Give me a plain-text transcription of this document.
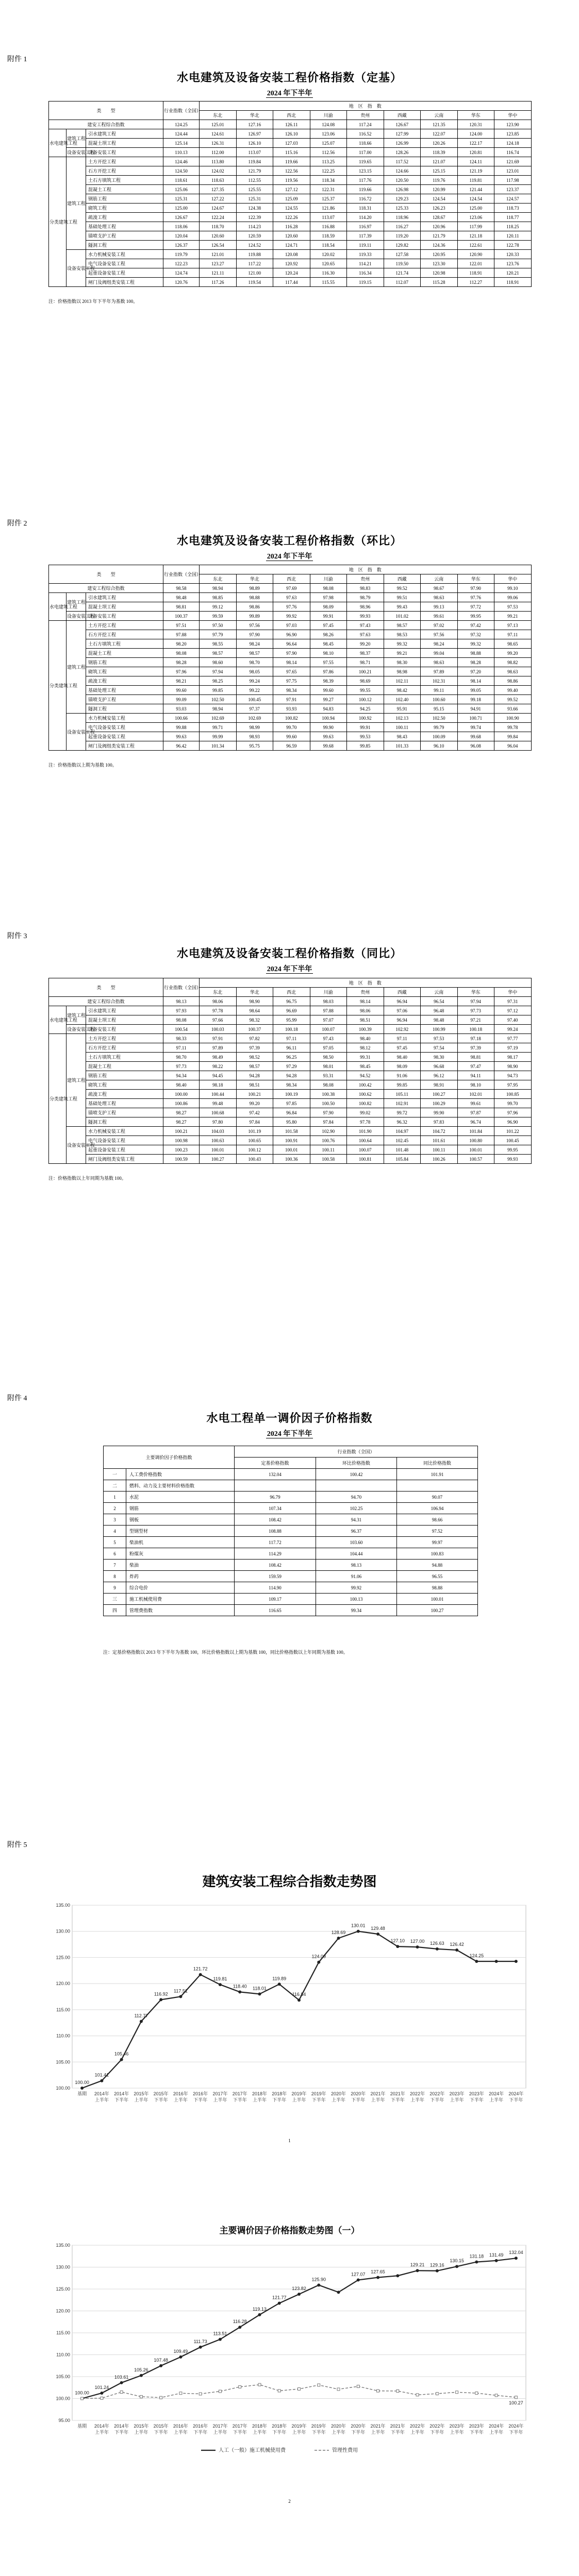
附件 1
水电建筑及设备安装工程价格指数（定基）
2024 年下半年
类　　型			行业指数（全国）	地　区　指　数								
				东北	华北	西北	川渝	贵州	西藏	云南	华东	华中
建安工程综合指数			124.25	125.01	127.16	126.11	124.08	117.24	126.67	121.35	120.31	123.90
水电建筑工程	建筑工程	引水建筑工程	124.44	124.61	126.97	126.10	123.06	116.52	127.99	122.07	124.00	123.85
		混凝土坝工程	125.14	126.31	126.10	127.03	125.07	118.66	126.99	120.26	122.17	124.18
	设备安装工程	设备安装工程	110.13	112.00	113.07	115.16	112.56	117.00	128.26	118.39	120.81	116.74
分类建筑工程	建筑工程	土方开挖工程	124.46	113.80	119.84	119.66	113.25	119.65	117.52	121.07	124.11	121.69
		石方开挖工程	124.50	124.02	121.79	122.56	122.25	123.15	124.66	125.15	121.19	123.01
		土石方填筑工程	118.61	118.63	112.55	119.56	118.34	117.76	120.50	119.76	119.81	117.98
		混凝土工程	125.06	127.35	125.55	127.12	122.31	119.66	126.98	120.99	121.44	123.37
		钢筋工程	125.31	127.22	125.31	125.09	125.37	116.72	129.23	124.54	124.54	124.57
		砌筑工程	125.00	124.67	124.38	124.55	121.86	118.31	125.33	126.23	125.00	118.73
		疏浚工程	126.67	122.24	122.39	122.26	113.07	114.20	118.96	128.67	123.06	118.77
		基础处理工程	118.06	118.70	114.23	116.28	116.88	116.97	116.27	120.96	117.99	118.25
		锚喷支护工程	120.04	120.60	120.59	120.60	118.59	117.39	119.20	121.79	121.18	120.11
		隧洞工程	126.37	126.54	124.52	124.71	118.54	119.11	129.82	124.36	122.61	122.78
	设备安装工程	水力机械安装工程	119.79	121.01	119.88	120.08	120.02	119.33	127.58	120.95	120.90	120.33
		电气设备安装工程	122.23	123.27	117.22	120.92	120.65	114.21	119.50	123.30	122.01	123.76
		起重设备安装工程	124.74	121.11	121.00	120.24	116.30	116.34	121.74	120.98	118.91	120.21
		闸门及阀组类安装工程	120.76	117.26	119.54	117.44	115.55	119.15	112.07	115.28	112.27	118.91
注：价格指数以 2013 年下半年为基数 100。
附件 2
水电建筑及设备安装工程价格指数（环比）
2024 年下半年
类　　型			行业指数（全国）	地　区　指　数								
				东北	华北	西北	川渝	贵州	西藏	云南	华东	华中
建安工程综合指数			98.58	98.94	98.89	97.69	98.08	98.83	99.52	98.67	97.90	99.10
水电建筑工程	建筑工程	引水建筑工程	98.48	98.85	98.88	97.63	97.98	98.79	99.51	98.63	97.76	99.06
		混凝土坝工程	98.81	99.12	98.86	97.76	98.09	98.96	99.43	99.13	97.72	97.53
	设备安装工程	设备安装工程	100.37	99.59	99.89	99.92	99.91	99.93	101.02	99.61	99.95	99.21
分类建筑工程	建筑工程	土方开挖工程	97.51	97.50	97.56	97.03	97.45	97.43	98.57	97.02	97.42	97.13
		石方开挖工程	97.88	97.79	97.90	96.90	98.26	97.63	98.53	97.56	97.32	97.11
		土石方填筑工程	98.20	98.55	98.24	96.64	98.45	99.20	99.32	98.24	99.32	98.65
		混凝土工程	98.08	98.57	98.57	97.90	98.10	98.37	99.21	99.04	98.88	99.20
		钢筋工程	98.28	98.60	98.70	98.14	97.55	98.71	98.30	98.63	98.28	98.82
		砌筑工程	97.96	97.94	98.05	97.65	97.86	100.21	98.98	97.89	97.20	98.63
		疏浚工程	98.21	98.25	99.24	97.75	98.39	98.69	102.11	102.31	98.14	98.86
		基础处理工程	99.60	99.85	99.22	98.34	99.60	99.55	98.42	99.11	99.05	99.40
		锚喷支护工程	99.09	102.50	100.45	97.91	99.27	100.12	102.40	100.60	99.18	99.52
		隧洞工程	93.03	98.94	97.37	93.93	94.83	94.25	95.91	95.15	94.91	93.66
	设备安装工程	水力机械安装工程	100.66	102.69	102.69	100.82	100.94	100.92	102.13	102.50	100.71	100.90
		电气设备安装工程	99.88	99.71	98.99	99.70	99.90	99.91	100.11	99.79	99.74	99.78
		起重设备安装工程	99.63	99.99	98.93	99.60	99.63	99.53	98.43	100.09	99.68	99.84
		闸门及阀组类安装工程	96.42	101.34	95.75	96.59	99.68	99.85	101.33	96.10	96.08	96.04
注：价格指数以上期为基数 100。
附件 3
水电建筑及设备安装工程价格指数（同比）
2024 年下半年
类　　型			行业指数（全国）	地　区　指　数								
				东北	华北	西北	川渝	贵州	西藏	云南	华东	华中
建安工程综合指数			98.13	98.06	98.90	96.75	98.03	98.14	96.94	96.54	97.94	97.31
水电建筑工程	建筑工程	引水建筑工程	97.93	97.78	98.64	96.69	97.88	98.06	97.06	96.48	97.73	97.12
		混凝土坝工程	98.08	97.66	98.32	95.99	97.07	98.51	96.94	98.48	97.21	97.40
	设备安装工程	设备安装工程	100.54	100.03	100.37	100.18	100.07	100.39	102.92	100.99	100.18	99.24
分类建筑工程	建筑工程	土方开挖工程	98.33	97.91	97.82	97.11	97.43	98.40	97.11	97.53	97.18	97.77
		石方开挖工程	97.11	97.89	97.39	96.11	97.05	98.12	97.45	97.54	97.39	97.19
		土石方填筑工程	98.70	98.49	98.52	96.25	98.50	99.31	98.40	98.30	98.81	98.17
		混凝土工程	97.73	98.22	98.57	97.29	98.01	98.45	98.09	96.68	97.47	98.90
		钢筋工程	94.34	94.45	94.28	94.28	93.31	94.52	91.06	96.12	94.11	94.73
		砌筑工程	98.40	98.18	98.51	98.34	98.08	100.42	99.85	98.91	98.10	97.95
		疏浚工程	100.00	100.44	100.21	100.19	100.38	100.62	105.11	100.27	102.01	100.85
		基础处理工程	100.86	99.48	99.20	97.85	100.50	100.82	102.91	100.29	99.61	99.70
		锚喷支护工程	98.27	100.68	97.42	96.84	97.90	99.02	99.72	99.90	97.87	97.96
		隧洞工程	98.27	97.80	97.84	95.80	97.84	97.78	96.32	97.83	96.74	96.90
	设备安装工程	水力机械安装工程	100.21	104.03	101.19	101.58	102.90	101.90	104.97	104.72	101.84	101.22
		电气设备安装工程	100.98	100.63	100.65	100.91	100.76	100.64	102.45	101.61	100.80	100.45
		起重设备安装工程	100.23	100.01	100.12	100.01	100.11	100.07	101.48	100.11	100.01	99.95
		闸门及阀组类安装工程	100.59	100.27	100.43	100.36	100.58	100.81	105.84	100.26	100.57	99.93
注：价格指数以上年同期为基数 100。
附件 4
水电工程单一调价因子价格指数
2024 年下半年
主要调价因子价格指数		行业指数（全国）		
		定基价格指数	环比价格指数	同比价格指数
一	人工费价格指数	132.04	100.42	101.91
二	燃料、动力及主要材料价格指数			
1	水泥	96.79	94.70	90.07
2	钢筋	107.34	102.25	106.94
3	钢板	108.42	94.31	98.66
4	型钢型材	108.88	96.37	97.52
5	柴油机	117.72	103.60	99.97
6	粉煤灰	114.29	104.44	100.83
7	柴油	108.42	98.13	94.88
8	炸药	159.59	91.06	96.55
9	综合电价	114.90	99.92	98.88
三	施工机械使用费	109.17	100.13	100.01
四	管理费指数	116.65	99.34	100.27
注：定基价格指数以 2013 年下半年为基数 100，环比价格指数以上期为基数 100，同比价格指数以上年同期为基数 100。
附件 5
建筑安装工程综合指数走势图
100.00
105.00
110.00
115.00
120.00
125.00
130.00
135.00
基期 2014年
上半年
2014年
下半年
2015年
上半年
2015年
下半年
2016年
上半年
2016年
下半年
2017年
上半年
2017年
下半年
2018年
上半年
2018年
下半年
2019年
上半年
2019年
下半年
2020年
上半年
2020年
下半年
2021年
上半年
2021年
下半年
2022年
上半年
2022年
下半年
2023年
上半年
2023年
下半年
2024年
上半年
2024年
下半年
100.00
101.41
105.46
112.77
116.92
117.51
121.72
119.81
118.40 118.01
119.89
116.84
124.09
128.69
130.01
129.48
127.10 127.00 126.63 126.42
124.25
1
主要调价因子价格指数走势图（一）
95.00
100.00
105.00
110.00
115.00
120.00
125.00
130.00
135.00
基期 2014年
上半年
2014年
下半年
2015年
上半年
2015年
下半年
2016年
上半年
2016年
下半年
2017年
上半年
2017年
下半年
2018年
上半年
2018年
下半年
2019年
上半年
2019年
下半年
2020年
上半年
2020年
下半年
2021年
上半年
2021年
下半年
2022年
上半年
2022年
下半年
2023年
上半年
2023年
下半年
2024年
上半年
2024年
下半年
132.04
131.49
131.18
130.15
129.16
129.21
127.65
127.07
125.90
123.82
121.77
119.13
116.28
113.51
111.73
109.49
107.48
105.26
103.61
101.24
100.00
100.27
人工（一般）施工机械使用费	管理性费用
2
